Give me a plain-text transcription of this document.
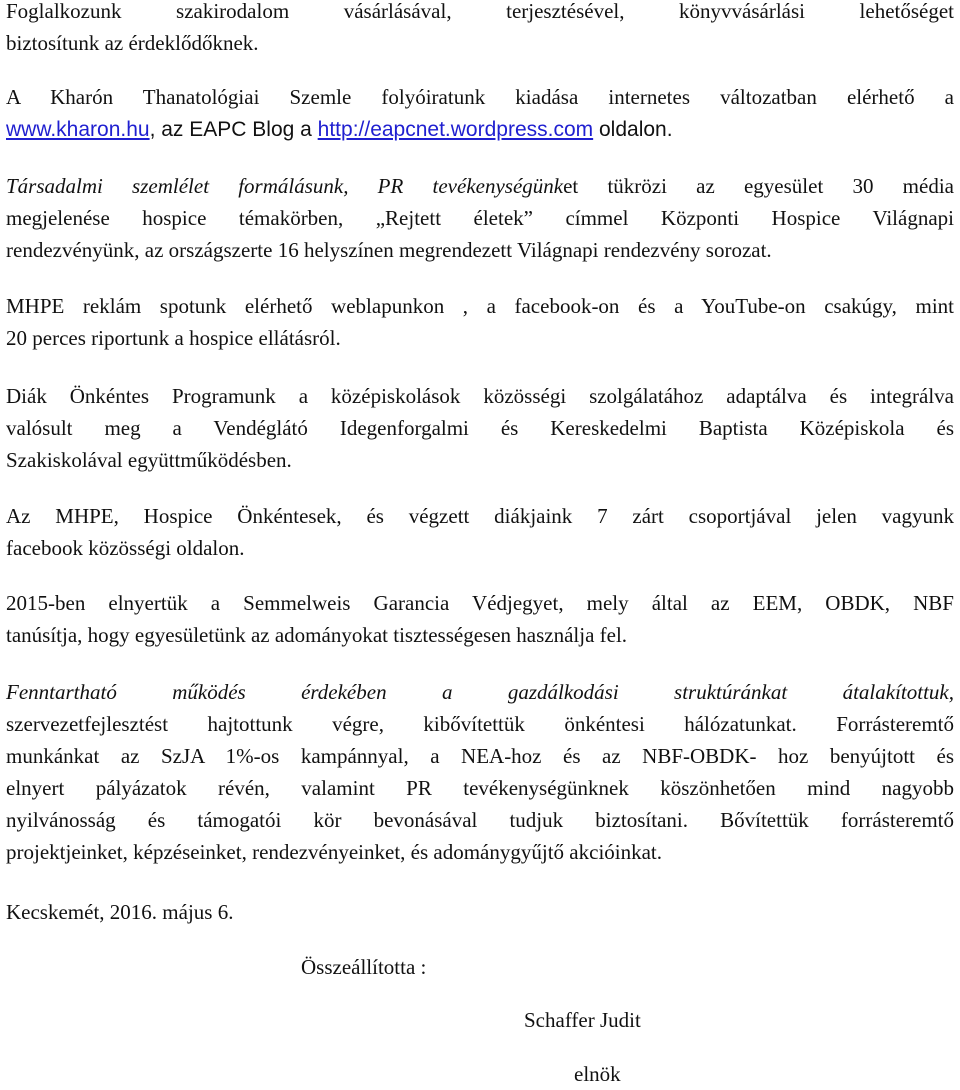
Foglalkozunk szakirodalom vásárlásával, terjesztésével, könyvvásárlási lehetőséget
biztosítunk az érdeklődőknek.
A Kharón Thanatológiai Szemle folyóiratunk kiadása internetes változatban elérhető a
www.kharon.hu, az EAPC Blog a http://eapcnet.wordpress.com oldalon.
Társadalmi szemlélet formálásunk, PR tevékenységünket tükrözi az egyesület 30 média
megjelenése hospice témakörben, „Rejtett életek” címmel Központi Hospice Világnapi
rendezvényünk, az országszerte 16 helyszínen megrendezett Világnapi rendezvény sorozat.
MHPE reklám spotunk elérhető weblapunkon , a facebook-on és a YouTube-on csakúgy, mint
20 perces riportunk a hospice ellátásról.
Diák Önkéntes Programunk a középiskolások közösségi szolgálatához adaptálva és integrálva
valósult meg a Vendéglátó Idegenforgalmi és Kereskedelmi Baptista Középiskola és
Szakiskolával együttműködésben.
Az MHPE, Hospice Önkéntesek, és végzett diákjaink 7 zárt csoportjával jelen vagyunk
facebook közösségi oldalon.
2015-ben elnyertük a Semmelweis Garancia Védjegyet, mely által az EEM, OBDK, NBF
tanúsítja, hogy egyesületünk az adományokat tisztességesen használja fel.
Fenntartható működés érdekében a gazdálkodási struktúránkat átalakítottuk,
szervezetfejlesztést hajtottunk végre, kibővítettük önkéntesi hálózatunkat. Forrásteremtő
munkánkat az SzJA 1%-os kampánnyal, a NEA-hoz és az NBF-OBDK- hoz benyújtott és
elnyert pályázatok révén, valamint PR tevékenységünknek köszönhetően mind nagyobb
nyilvánosság és támogatói kör bevonásával tudjuk biztosítani. Bővítettük forrásteremtő
projektjeinket, képzéseinket, rendezvényeinket, és adománygyűjtő akcióinkat.
Kecskemét, 2016. május 6.
Összeállította :
Schaffer Judit
elnök
